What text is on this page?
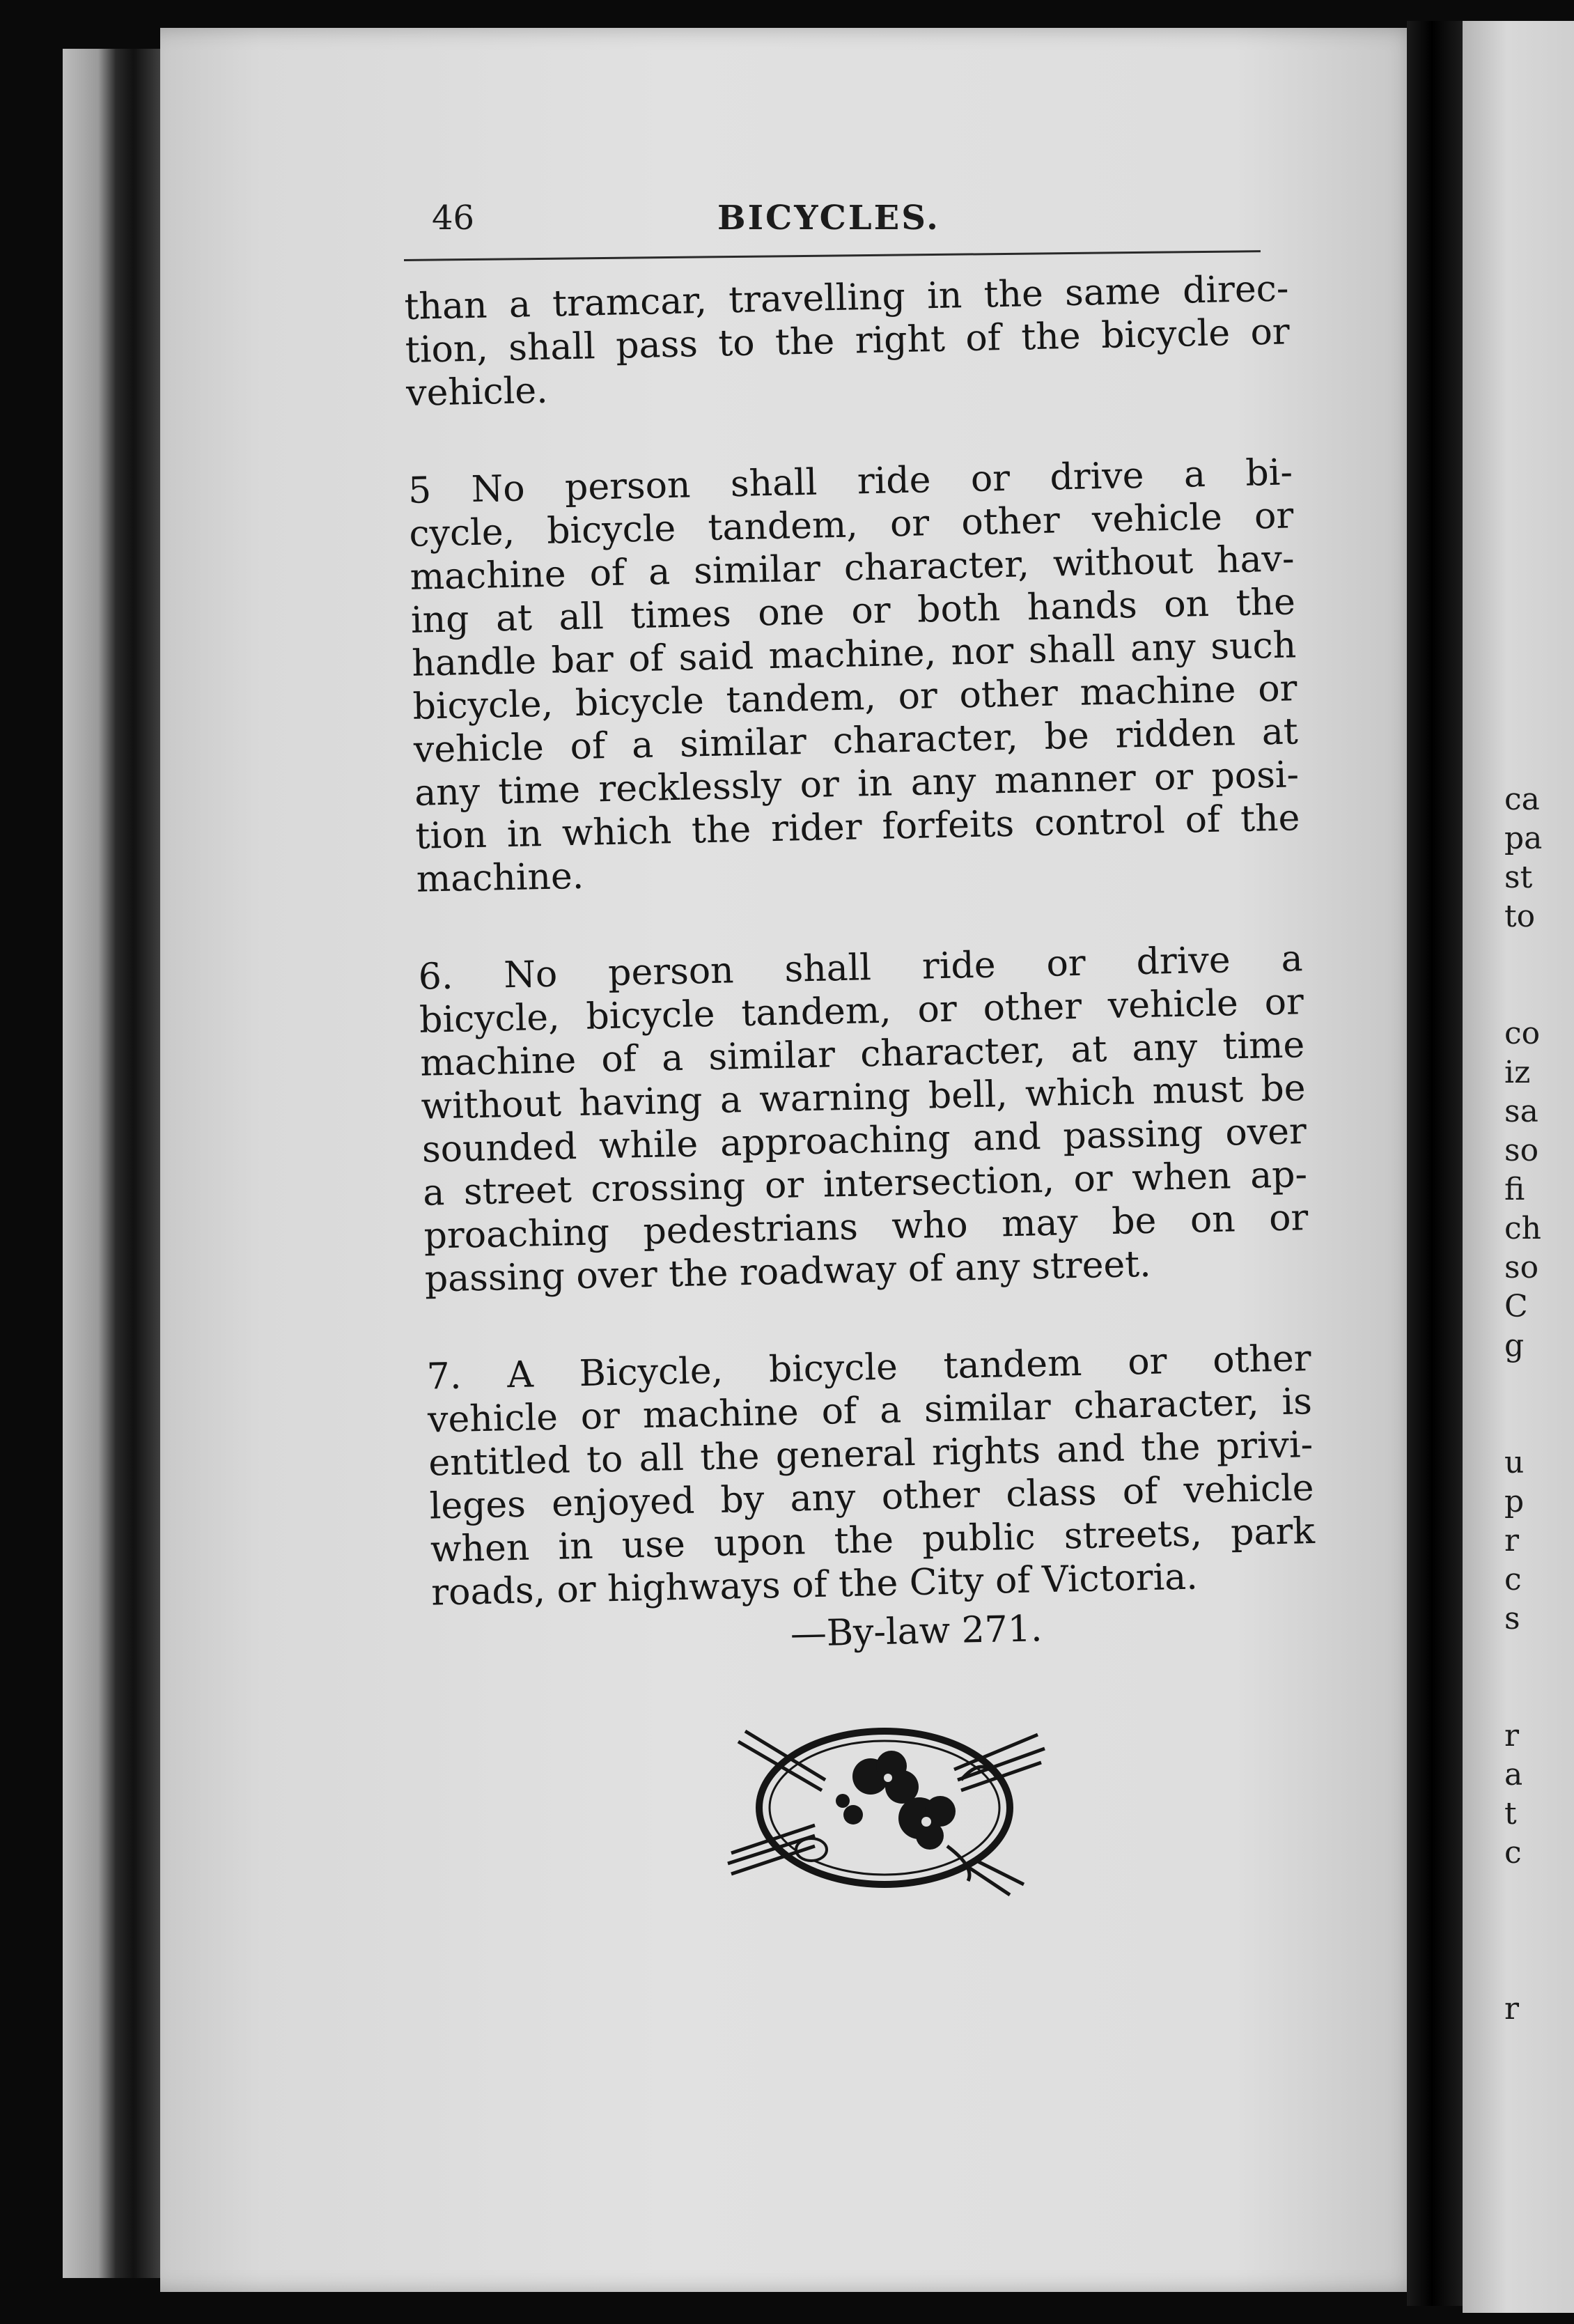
ca
pa
st
to
co
iz
sa
so
fi
ch
so
C
g
u
p
r
c
s
r
a
t
c
r
46	BICYCLES.
than a tramcar, travelling in the same direc-
tion, shall pass to the right of the bicycle or
vehicle.
5 No person shall ride or drive a bi-
cycle, bicycle tandem, or other vehicle or
machine of a similar character, without hav-
ing at all times one or both hands on the
handle bar of said machine, nor shall any such
bicycle, bicycle tandem, or other machine or
vehicle of a similar character, be ridden at
any time recklessly or in any manner or posi-
tion in which the rider forfeits control of the
machine.
6. No person shall ride or drive a
bicycle, bicycle tandem, or other vehicle or
machine of a similar character, at any time
without having a warning bell, which must be
sounded while approaching and passing over
a street crossing or intersection, or when ap-
proaching pedestrians who may be on or
passing over the roadway of any street.
7. A Bicycle, bicycle tandem or other
vehicle or machine of a similar character, is
entitled to all the general rights and the privi-
leges enjoyed by any other class of vehicle
when in use upon the public streets, park
roads, or highways of the City of Victoria.
—By-law 271.
